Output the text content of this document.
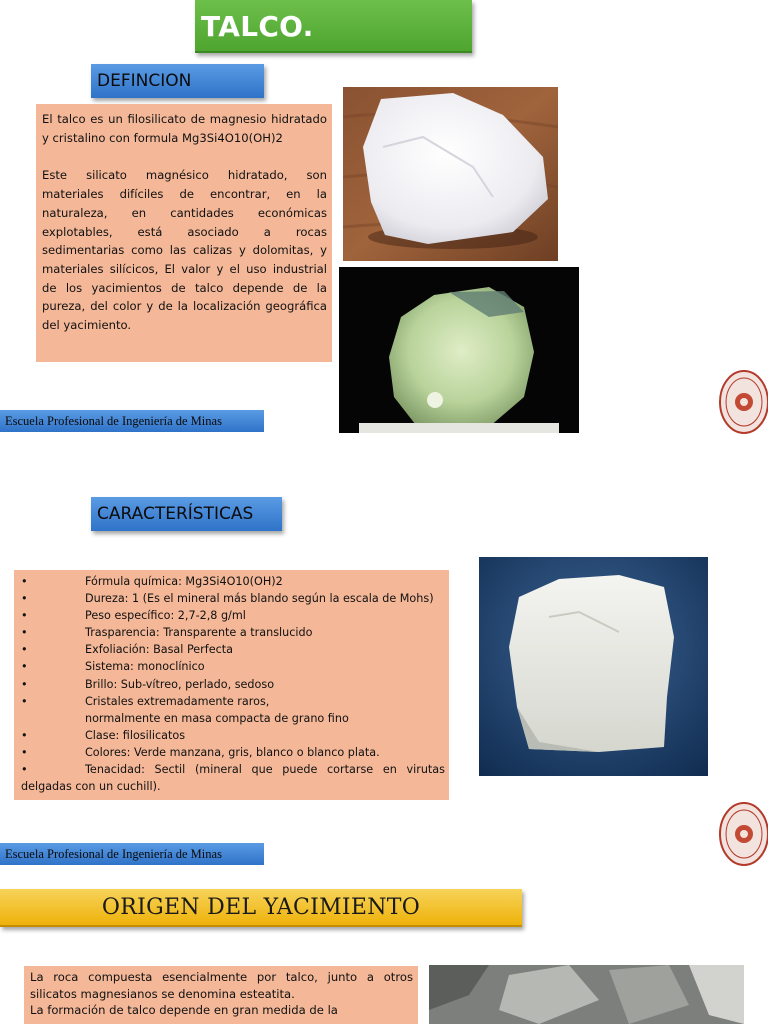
TALCO.
DEFINCION

El talco es un filosilicato de magnesio hidratado y cristalino con formula Mg3Si4O10(OH)2

Este silicato magnésico hidratado, son materiales difíciles de encontrar, en la naturaleza, en cantidades económicas explotables, está asociado a rocas sedimentarias como las calizas y dolomitas, y materiales silícicos, El valor y el uso industrial de los yacimientos de talco depende de la pureza, del color y de la localización geográfica del yacimiento.

Escuela Profesional de Ingeniería de Minas
CARACTERÍSTICAS
•	Fórmula química: Mg3Si4O10(OH)2
•	Dureza: 1 (Es el mineral más blando según la escala de Mohs)
•	Peso específico: 2,7-2,8 g/ml
•	Trasparencia: Transparente a translucido
•	Exfoliación: Basal Perfecta
•	Sistema: monoclínico
•	Brillo: Sub-vítreo, perlado, sedoso
•	Cristales extremadamente raros,
normalmente en masa compacta de grano fino
•	Clase: filosilicatos
•	Colores: Verde manzana, gris, blanco o blanco plata.
•	Tenacidad: Sectil (mineral que puede cortarse en virutas delgadas con un cuchill).
Escuela Profesional de Ingeniería de Minas
ORIGEN DEL YACIMIENTO
La roca compuesta esencialmente por talco, junto a otros silicatos magnesianos se denomina esteatita.
La formación de talco depende en gran medida de la
